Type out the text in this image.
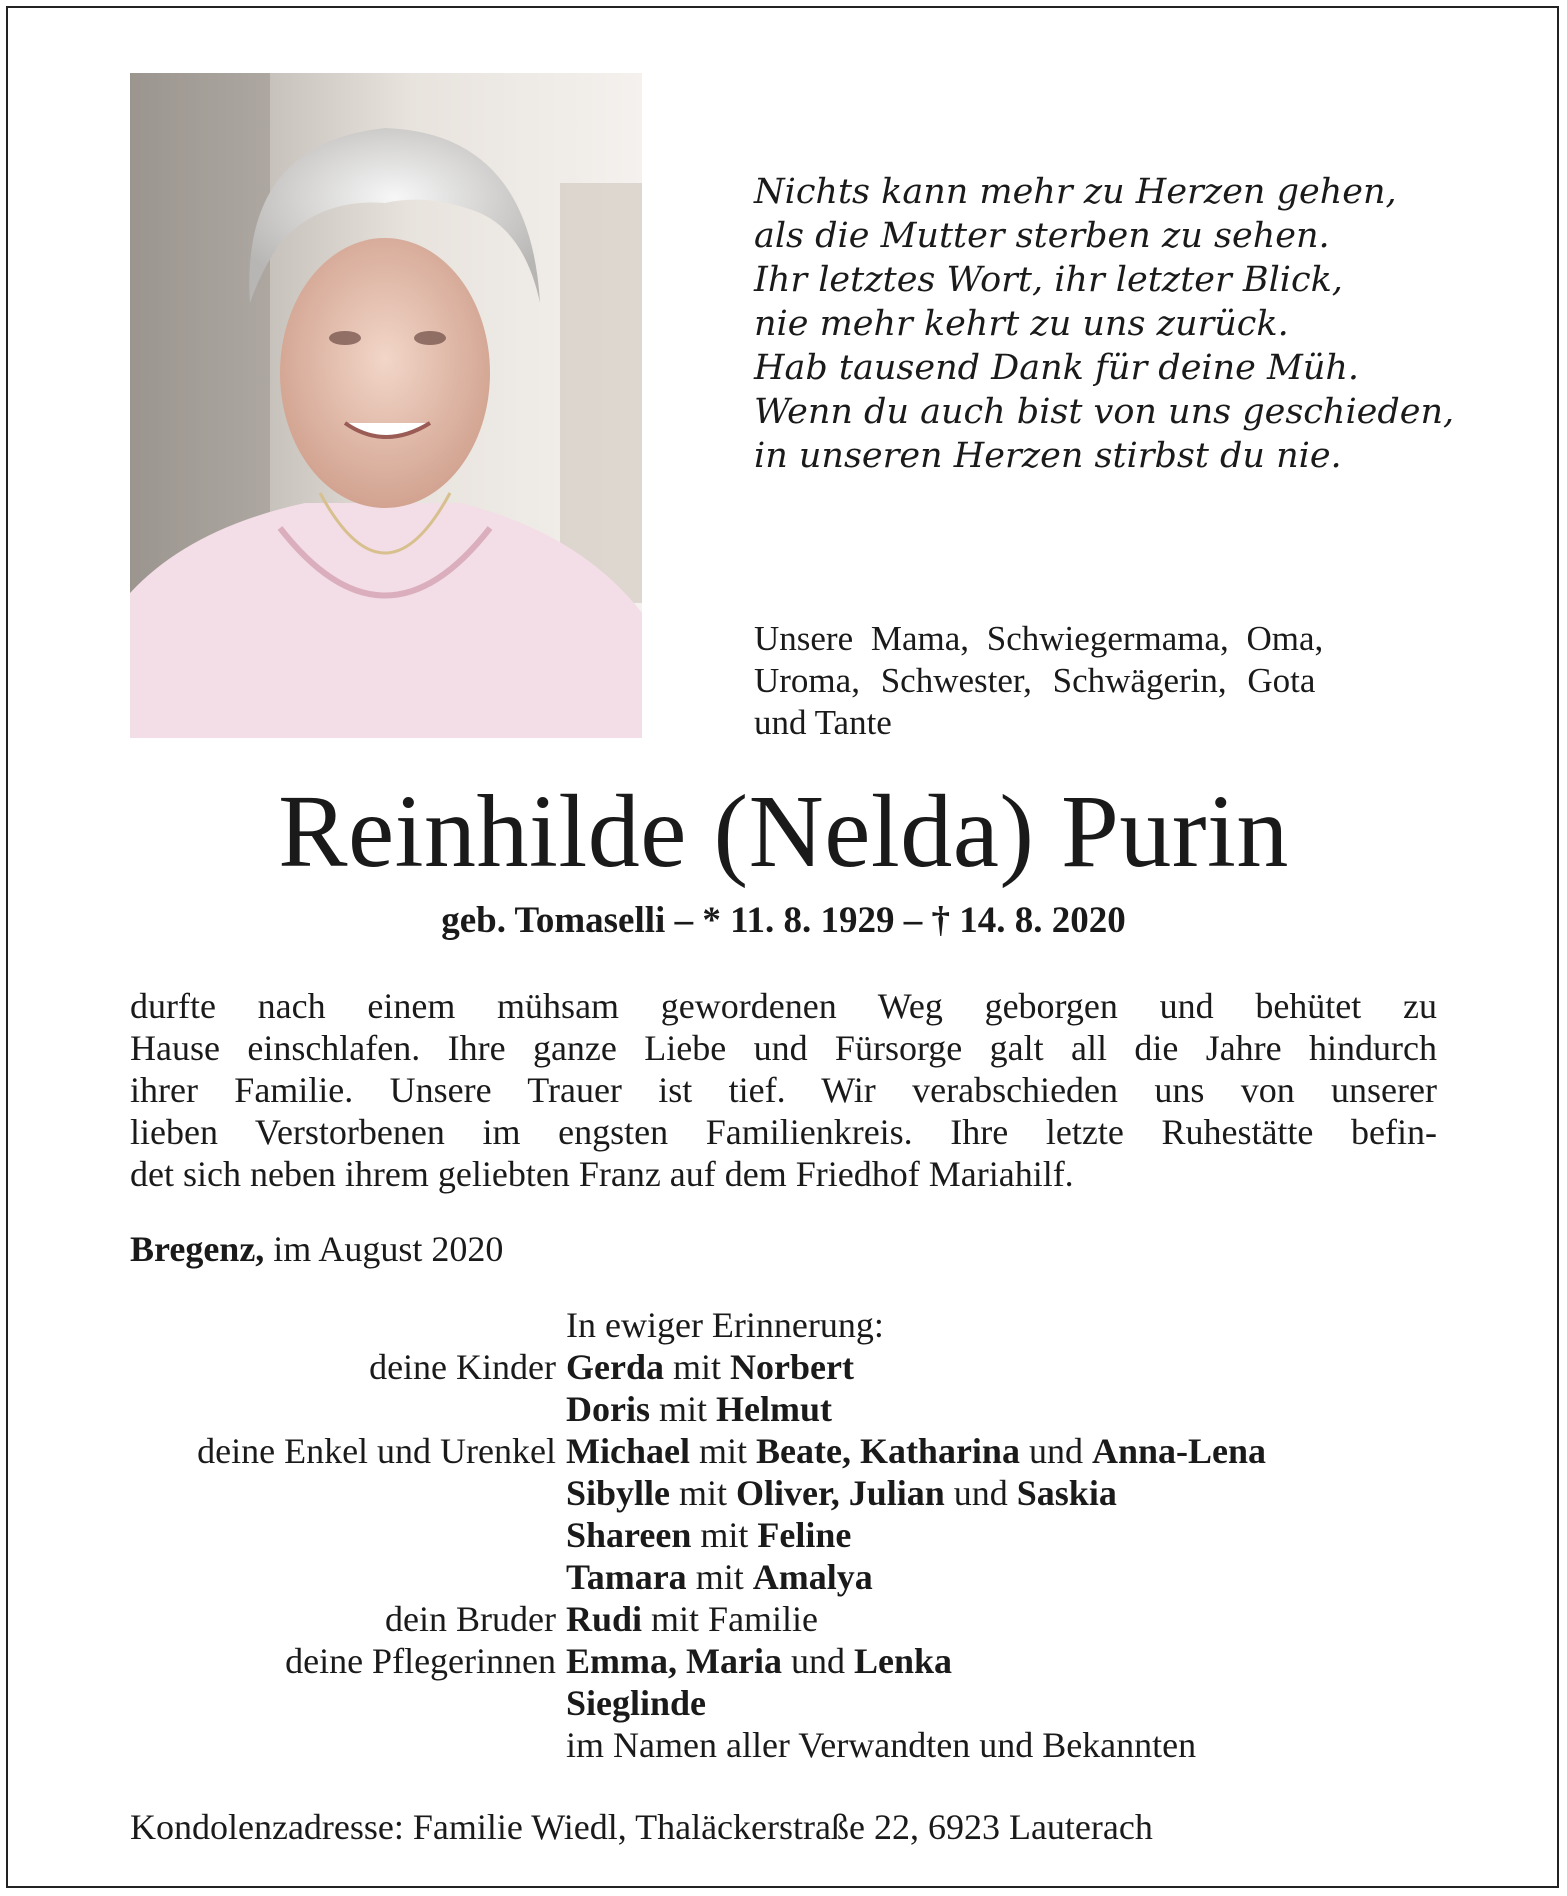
Nichts kann mehr zu Herzen gehen,
als die Mutter sterben zu sehen.
Ihr letztes Wort, ihr letzter Blick,
nie mehr kehrt zu uns zurück.
Hab tausend Dank für deine Müh.
Wenn du auch bist von uns geschieden,
in unseren Herzen stirbst du nie.
Unsere Mama, Schwiegermama, Oma,
Uroma, Schwester, Schwägerin, Gota
und Tante
Reinhilde (Nelda) Purin
geb. Tomaselli – * 11. 8. 1929 – † 14. 8. 2020
durfte nach einem mühsam gewordenen Weg geborgen und behütet zu
Hause einschlafen. Ihre ganze Liebe und Fürsorge galt all die Jahre hindurch
ihrer Familie. Unsere Trauer ist tief. Wir verabschieden uns von unserer
lieben Verstorbenen im engsten Familienkreis. Ihre letzte Ruhestätte befin-
det sich neben ihrem geliebten Franz auf dem Friedhof Mariahilf.
Bregenz, im August 2020
In ewiger Erinnerung:
deine Kinder Gerda mit Norbert
Doris mit Helmut
deine Enkel und Urenkel Michael mit Beate, Katharina und Anna-Lena
Sibylle mit Oliver, Julian und Saskia
Shareen mit Feline
Tamara mit Amalya
dein Bruder Rudi mit Familie
deine Pflegerinnen Emma, Maria und Lenka
Sieglinde
im Namen aller Verwandten und Bekannten
Kondolenzadresse: Familie Wiedl, Thaläckerstraße 22, 6923 Lauterach
